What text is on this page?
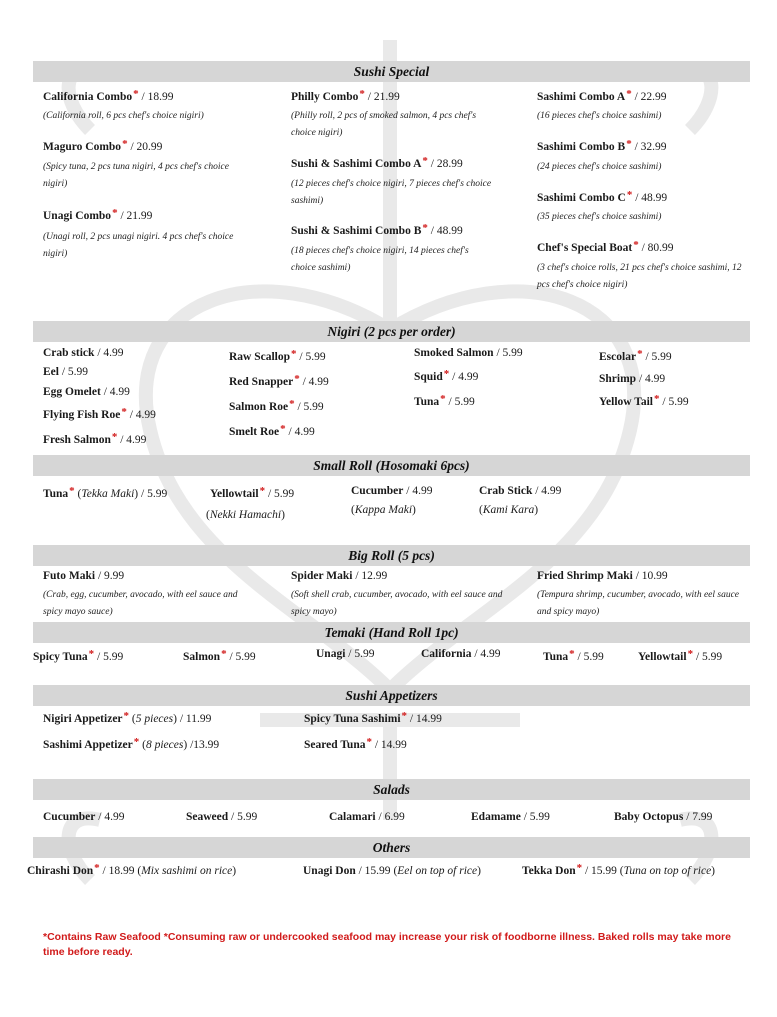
Sushi Special
California Combo* / 18.99
(California roll, 6 pcs chef's choice nigiri)
Maguro Combo* / 20.99
(Spicy tuna, 2 pcs tuna nigiri, 4 pcs chef's choice nigiri)
Unagi Combo* / 21.99
(Unagi roll, 2 pcs unagi nigiri. 4 pcs chef's choice nigiri)
Philly Combo* / 21.99
(Philly roll, 2 pcs of smoked salmon, 4 pcs chef's choice nigiri)
Sushi & Sashimi Combo A* / 28.99
(12 pieces chef's choice nigiri, 7 pieces chef's choice sashimi)
Sushi & Sashimi Combo B* / 48.99
(18 pieces chef's choice nigiri, 14 pieces chef's choice sashimi)
Sashimi Combo A* / 22.99
(16 pieces chef's choice sashimi)
Sashimi Combo B* / 32.99
(24 pieces chef's choice sashimi)
Sashimi Combo C* / 48.99
(35 pieces chef's choice sashimi)
Chef's Special Boat* / 80.99
(3 chef's choice rolls, 21 pcs chef's choice sashimi, 12 pcs chef's choice nigiri)
Nigiri (2 pcs per order)
Crab stick / 4.99
Eel / 5.99
Egg Omelet / 4.99
Flying Fish Roe* / 4.99
Fresh Salmon* / 4.99
Raw Scallop* / 5.99
Red Snapper* / 4.99
Salmon Roe* / 5.99
Smelt Roe* / 4.99
Smoked Salmon / 5.99
Squid* / 4.99
Tuna* / 5.99
Escolar* / 5.99
Shrimp / 4.99
Yellow Tail* / 5.99
Small Roll (Hosomaki 6pcs)
Tuna* (Tekka Maki) / 5.99	Yellowtail* / 5.99
(Nekki Hamachi)
Cucumber / 4.99
(Kappa Maki)
Crab Stick / 4.99
(Kami Kara)
Big Roll (5 pcs)
Futo Maki / 9.99
(Crab, egg, cucumber, avocado, with eel sauce and spicy mayo sauce)
Spider Maki / 12.99
(Soft shell crab, cucumber, avocado, with eel sauce and spicy mayo)
Fried Shrimp Maki / 10.99
(Tempura shrimp, cucumber, avocado, with eel sauce and spicy mayo)
Temaki (Hand Roll 1pc)
Spicy Tuna* / 5.99	Salmon* / 5.99	Unagi / 5.99	California / 4.99	Tuna* / 5.99	Yellowtail* / 5.99
Sushi Appetizers
Nigiri Appetizer* (5 pieces) / 11.99
Sashimi Appetizer* (8 pieces) /13.99
Spicy Tuna Sashimi* / 14.99
Seared Tuna* / 14.99
Salads
Cucumber / 4.99	Seaweed / 5.99	Calamari / 6.99	Edamame / 5.99	Baby Octopus / 7.99
Others
Chirashi Don* / 18.99 (Mix sashimi on rice)	Unagi Don / 15.99 (Eel on top of rice)	Tekka Don* / 15.99 (Tuna on top of rice)
*Contains Raw Seafood *Consuming raw or undercooked seafood may increase your risk of foodborne illness. Baked rolls may take more time before ready.
